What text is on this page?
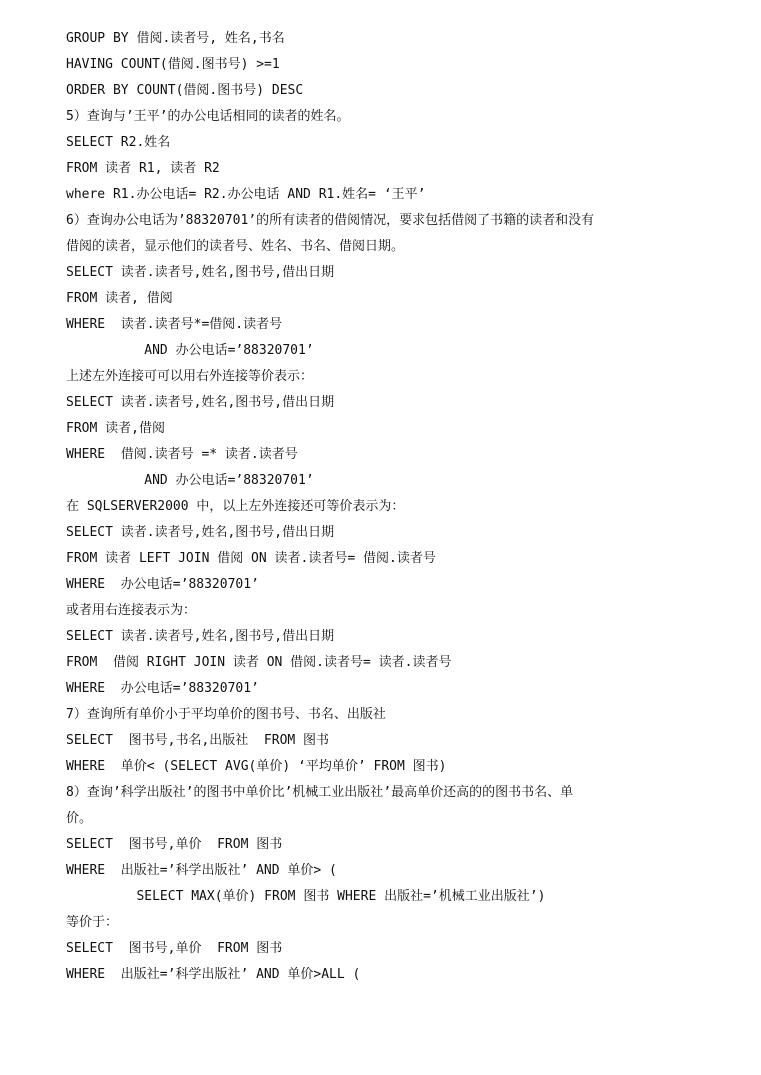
GROUP BY 借阅.读者号, 姓名,书名
HAVING COUNT(借阅.图书号) >=1
ORDER BY COUNT(借阅.图书号) DESC
5）查询与’王平’的办公电话相同的读者的姓名。
SELECT R2.姓名
FROM 读者 R1, 读者 R2
where R1.办公电话= R2.办公电话 AND R1.姓名= ‘王平’
6）查询办公电话为’88320701’的所有读者的借阅情况，要求包括借阅了书籍的读者和没有
借阅的读者，显示他们的读者号、姓名、书名、借阅日期。
SELECT 读者.读者号,姓名,图书号,借出日期
FROM 读者, 借阅
WHERE  读者.读者号*=借阅.读者号
AND 办公电话=’88320701’
上述左外连接可可以用右外连接等价表示：
SELECT 读者.读者号,姓名,图书号,借出日期
FROM 读者,借阅
WHERE  借阅.读者号 =* 读者.读者号
AND 办公电话=’88320701’
在 SQLSERVER2000 中，以上左外连接还可等价表示为：
SELECT 读者.读者号,姓名,图书号,借出日期
FROM 读者 LEFT JOIN 借阅 ON 读者.读者号= 借阅.读者号
WHERE  办公电话=’88320701’
或者用右连接表示为：
SELECT 读者.读者号,姓名,图书号,借出日期
FROM  借阅 RIGHT JOIN 读者 ON 借阅.读者号= 读者.读者号
WHERE  办公电话=’88320701’
7）查询所有单价小于平均单价的图书号、书名、出版社
SELECT  图书号,书名,出版社  FROM 图书
WHERE  单价< (SELECT AVG(单价) ‘平均单价’ FROM 图书)
8）查询’科学出版社’的图书中单价比’机械工业出版社’最高单价还高的的图书书名、单
价。
SELECT  图书号,单价  FROM 图书
WHERE  出版社=’科学出版社’ AND 单价> (
SELECT MAX(单价) FROM 图书 WHERE 出版社=’机械工业出版社’)
等价于：
SELECT  图书号,单价  FROM 图书
WHERE  出版社=’科学出版社’ AND 单价>ALL (
